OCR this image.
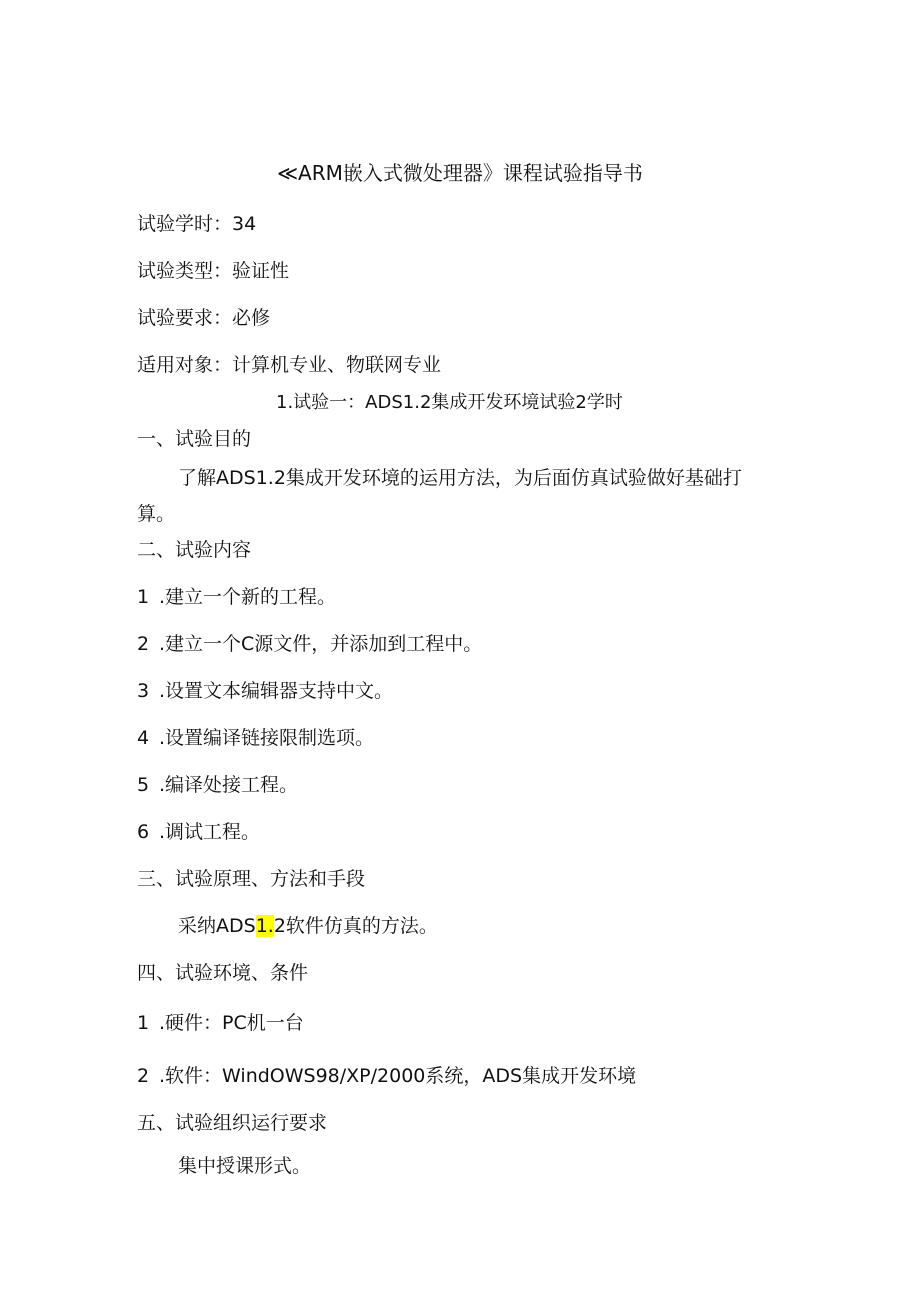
≪ARM嵌入式微处理器》课程试验指导书
试验学时：34
试验类型：验证性
试验要求：必修
适用对象：计算机专业、物联网专业
1.试验一：ADS1.2集成开发环境试验2学时
一、试验目的
了解ADS1.2集成开发环境的运用方法，为后面仿真试验做好基础打算。
二、试验内容
1 .建立一个新的工程。
2 .建立一个C源文件，并添加到工程中。
3 .设置文本编辑器支持中文。
4 .设置编译链接限制选项。
5 .编译处接工程。
6 .调试工程。
三、试验原理、方法和手段
采纳ADS1.2软件仿真的方法。
四、试验环境、条件
1 .硬件：PC机一台
2 .软件：WindOWS98/XP/2000系统，ADS集成开发环境
五、试验组织运行要求
集中授课形式。
